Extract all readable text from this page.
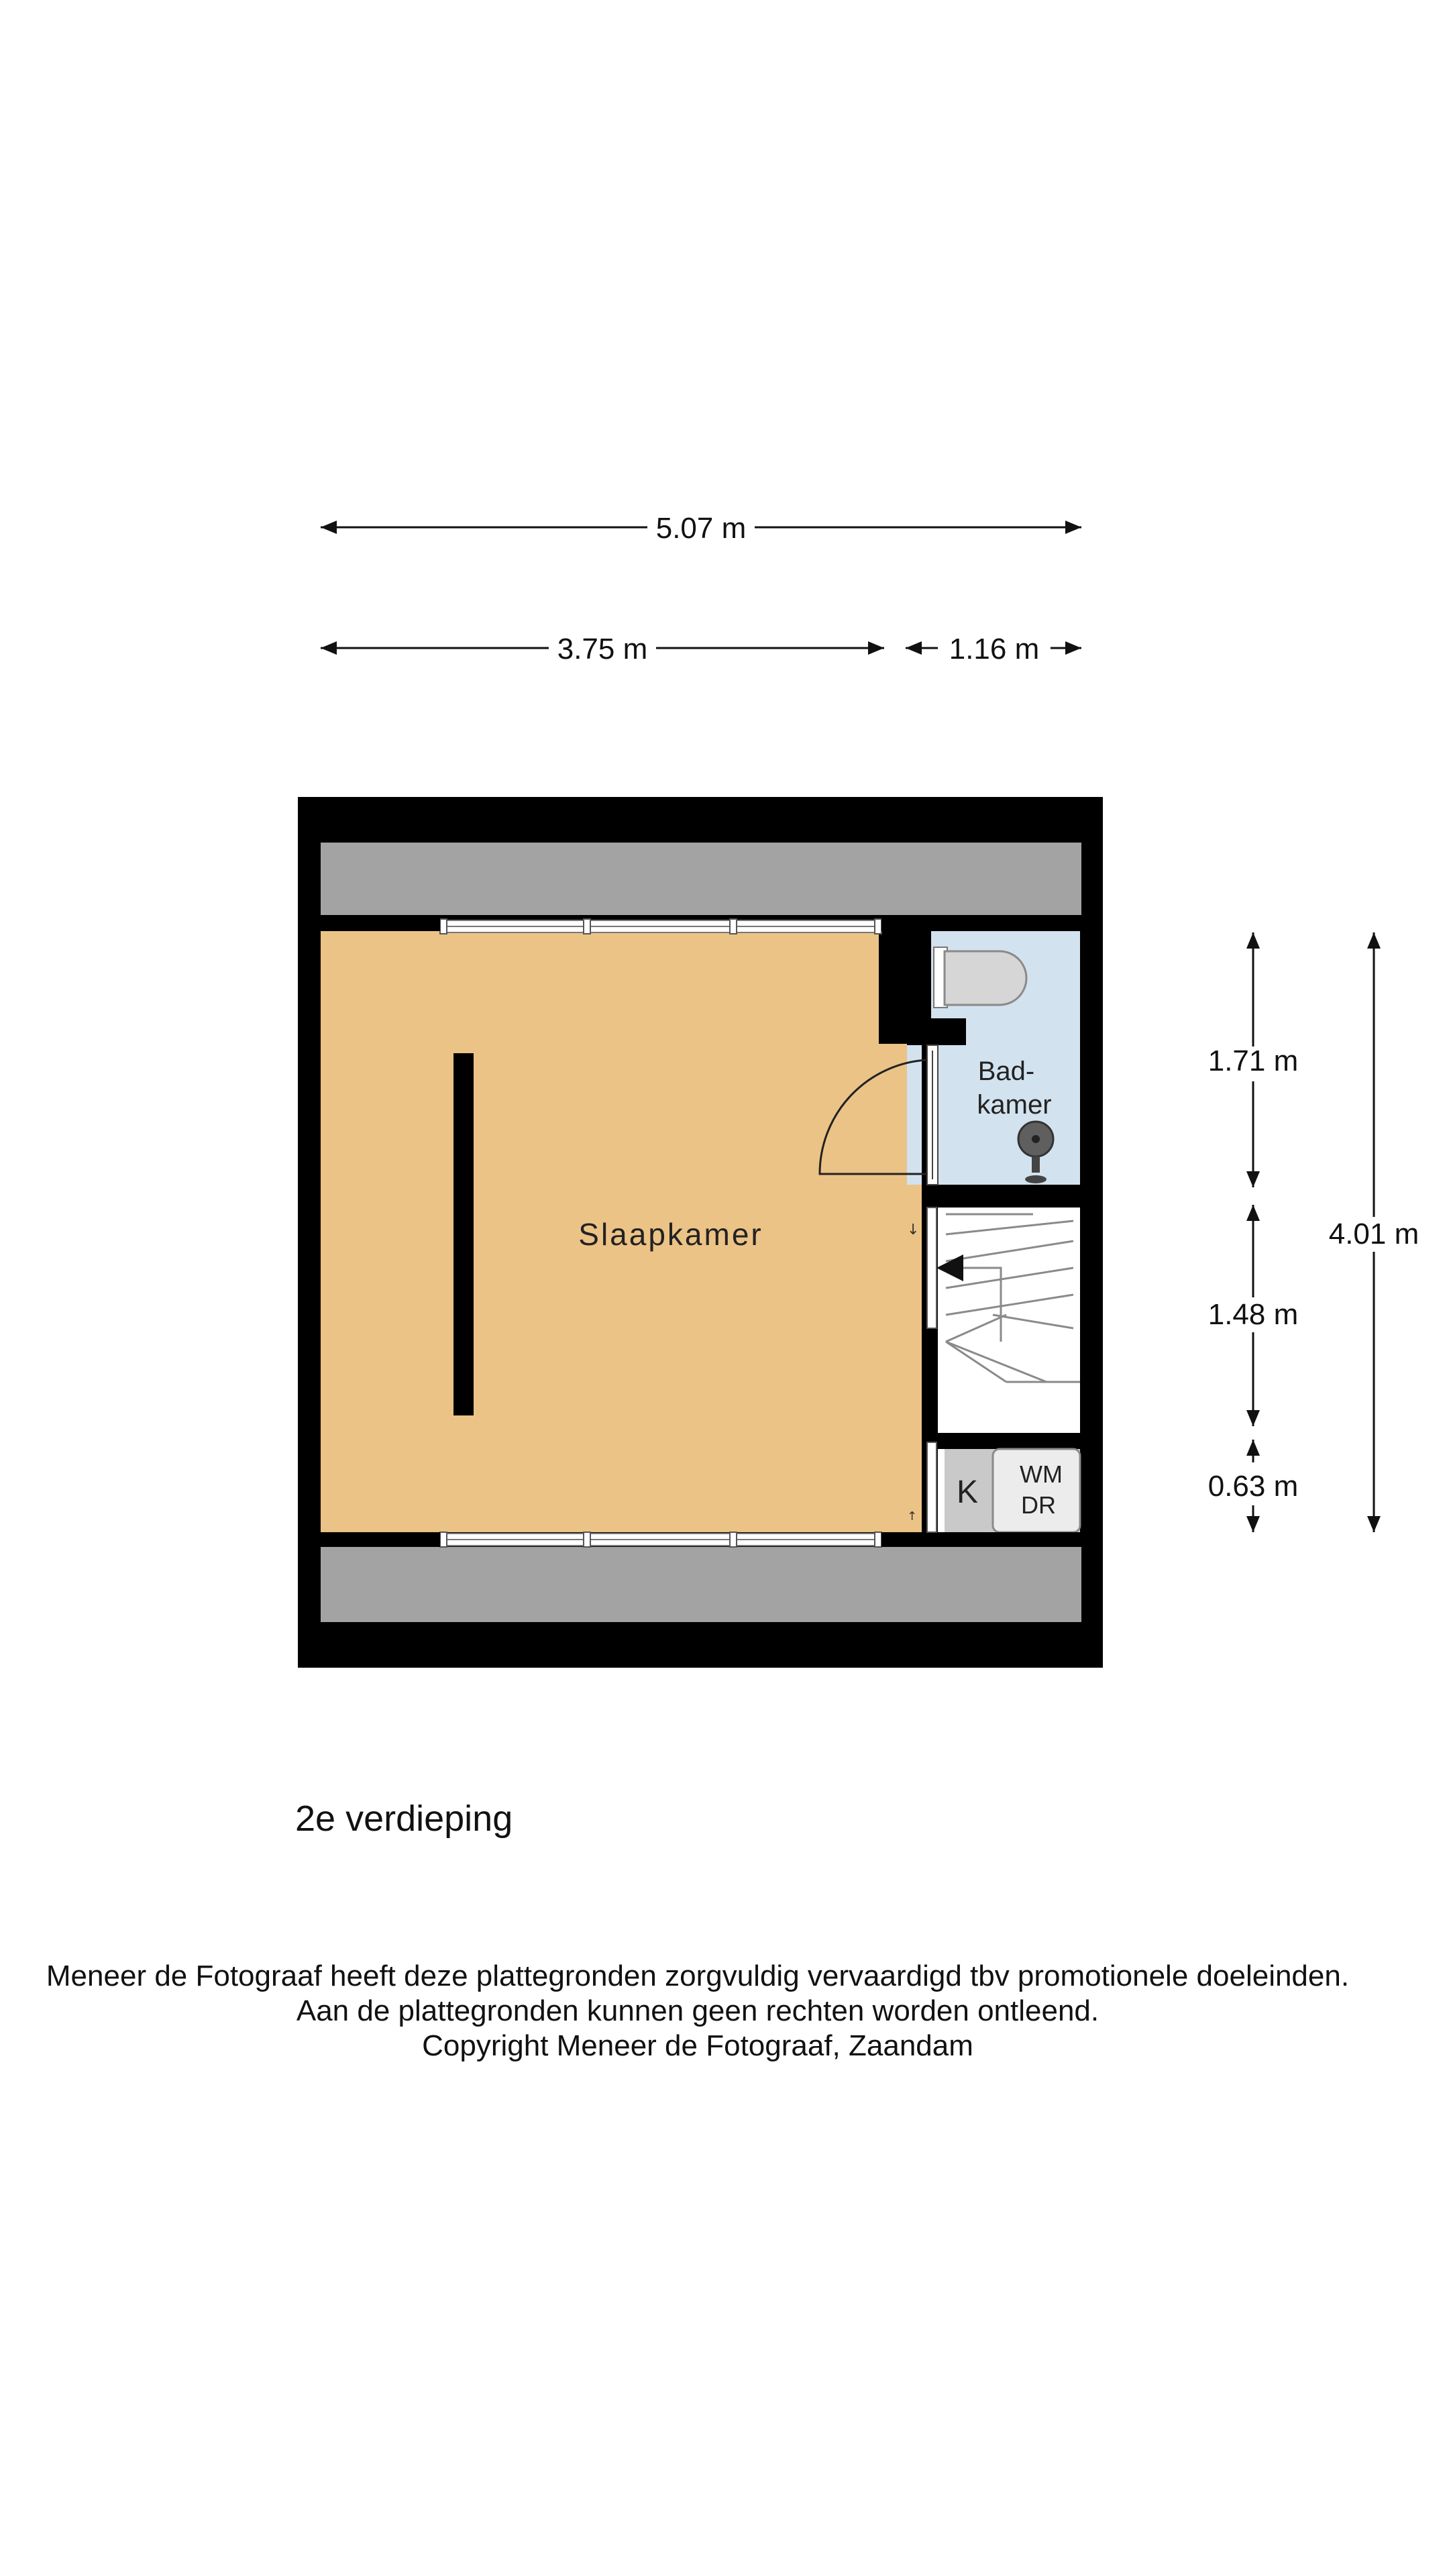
5.07 m
3.75 m	1.16 m
K
WM
DR
↓
↑
Slaapkamer
Bad-
kamer
1.71 m
1.48 m
0.63 m
4.01 m
2e verdieping
Meneer de Fotograaf heeft deze plattegronden zorgvuldig vervaardigd tbv promotionele doeleinden.
Aan de plattegronden kunnen geen rechten worden ontleend.
Copyright Meneer de Fotograaf, Zaandam
